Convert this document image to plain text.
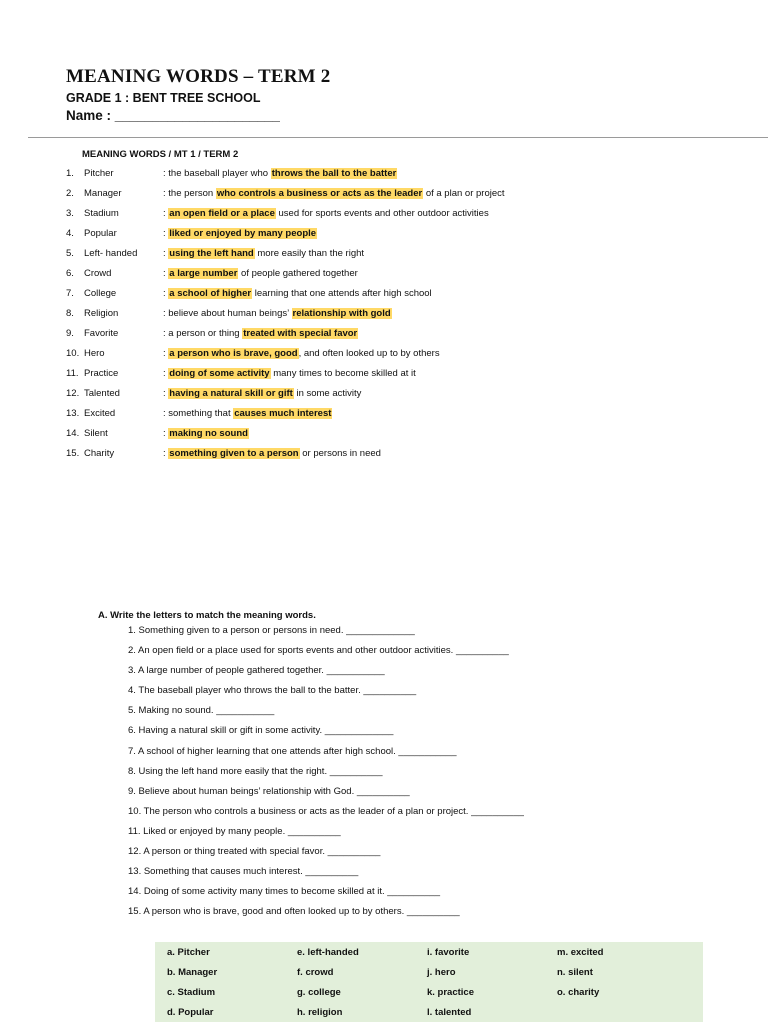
MEANING WORDS – TERM 2
GRADE 1 : BENT TREE SCHOOL
Name : ______________________
MEANING WORDS / MT 1 / TERM 2
1. Pitcher	: the baseball player who throws the ball to the batter
2. Manager	: the person who controls a business or acts as the leader of a plan or project
3. Stadium	: an open field or a place used for sports events and other outdoor activities
4. Popular	: liked or enjoyed by many people
5. Left- handed	: using the left hand more easily than the right
6. Crowd	: a large number of people gathered together
7. College	: a school of higher learning that one attends after high school
8. Religion	: believe about human beings’ relationship with gold
9. Favorite	: a person or thing treated with special favor
10. Hero	: a person who is brave, good, and often looked up to by others
11. Practice	: doing of some activity many times to become skilled at it
12. Talented	: having a natural skill or gift in some activity
13. Excited	: something that causes much interest
14. Silent	: making no sound
15. Charity	: something given to a person or persons in need
A. Write the letters to match the meaning words.
1. Something given to a person or persons in need. _____________
2. An open field or a place used for sports events and other outdoor activities. __________
3. A large number of people gathered together. ___________
4. The baseball player who throws the ball to the batter. __________
5. Making no sound. ___________
6. Having a natural skill or gift in some activity. _____________
7. A school of higher learning that one attends after high school. ___________
8. Using the left hand more easily that the right. __________
9. Believe about human beings’ relationship with God. __________
10. The person who controls a business or acts as the leader of a plan or project. __________
11. Liked or enjoyed by many people. __________
12. A person or thing treated with special favor. __________
13. Something that causes much interest. __________
14. Doing of some activity many times to become skilled at it. __________
15. A person who is brave, good and often looked up to by others. __________
a. Pitcher	e. left-handed	i. favorite	m. excited
b. Manager	f. crowd	j. hero	n. silent
c. Stadium	g. college	k. practice	o. charity
d. Popular	h. religion	l. talented	
